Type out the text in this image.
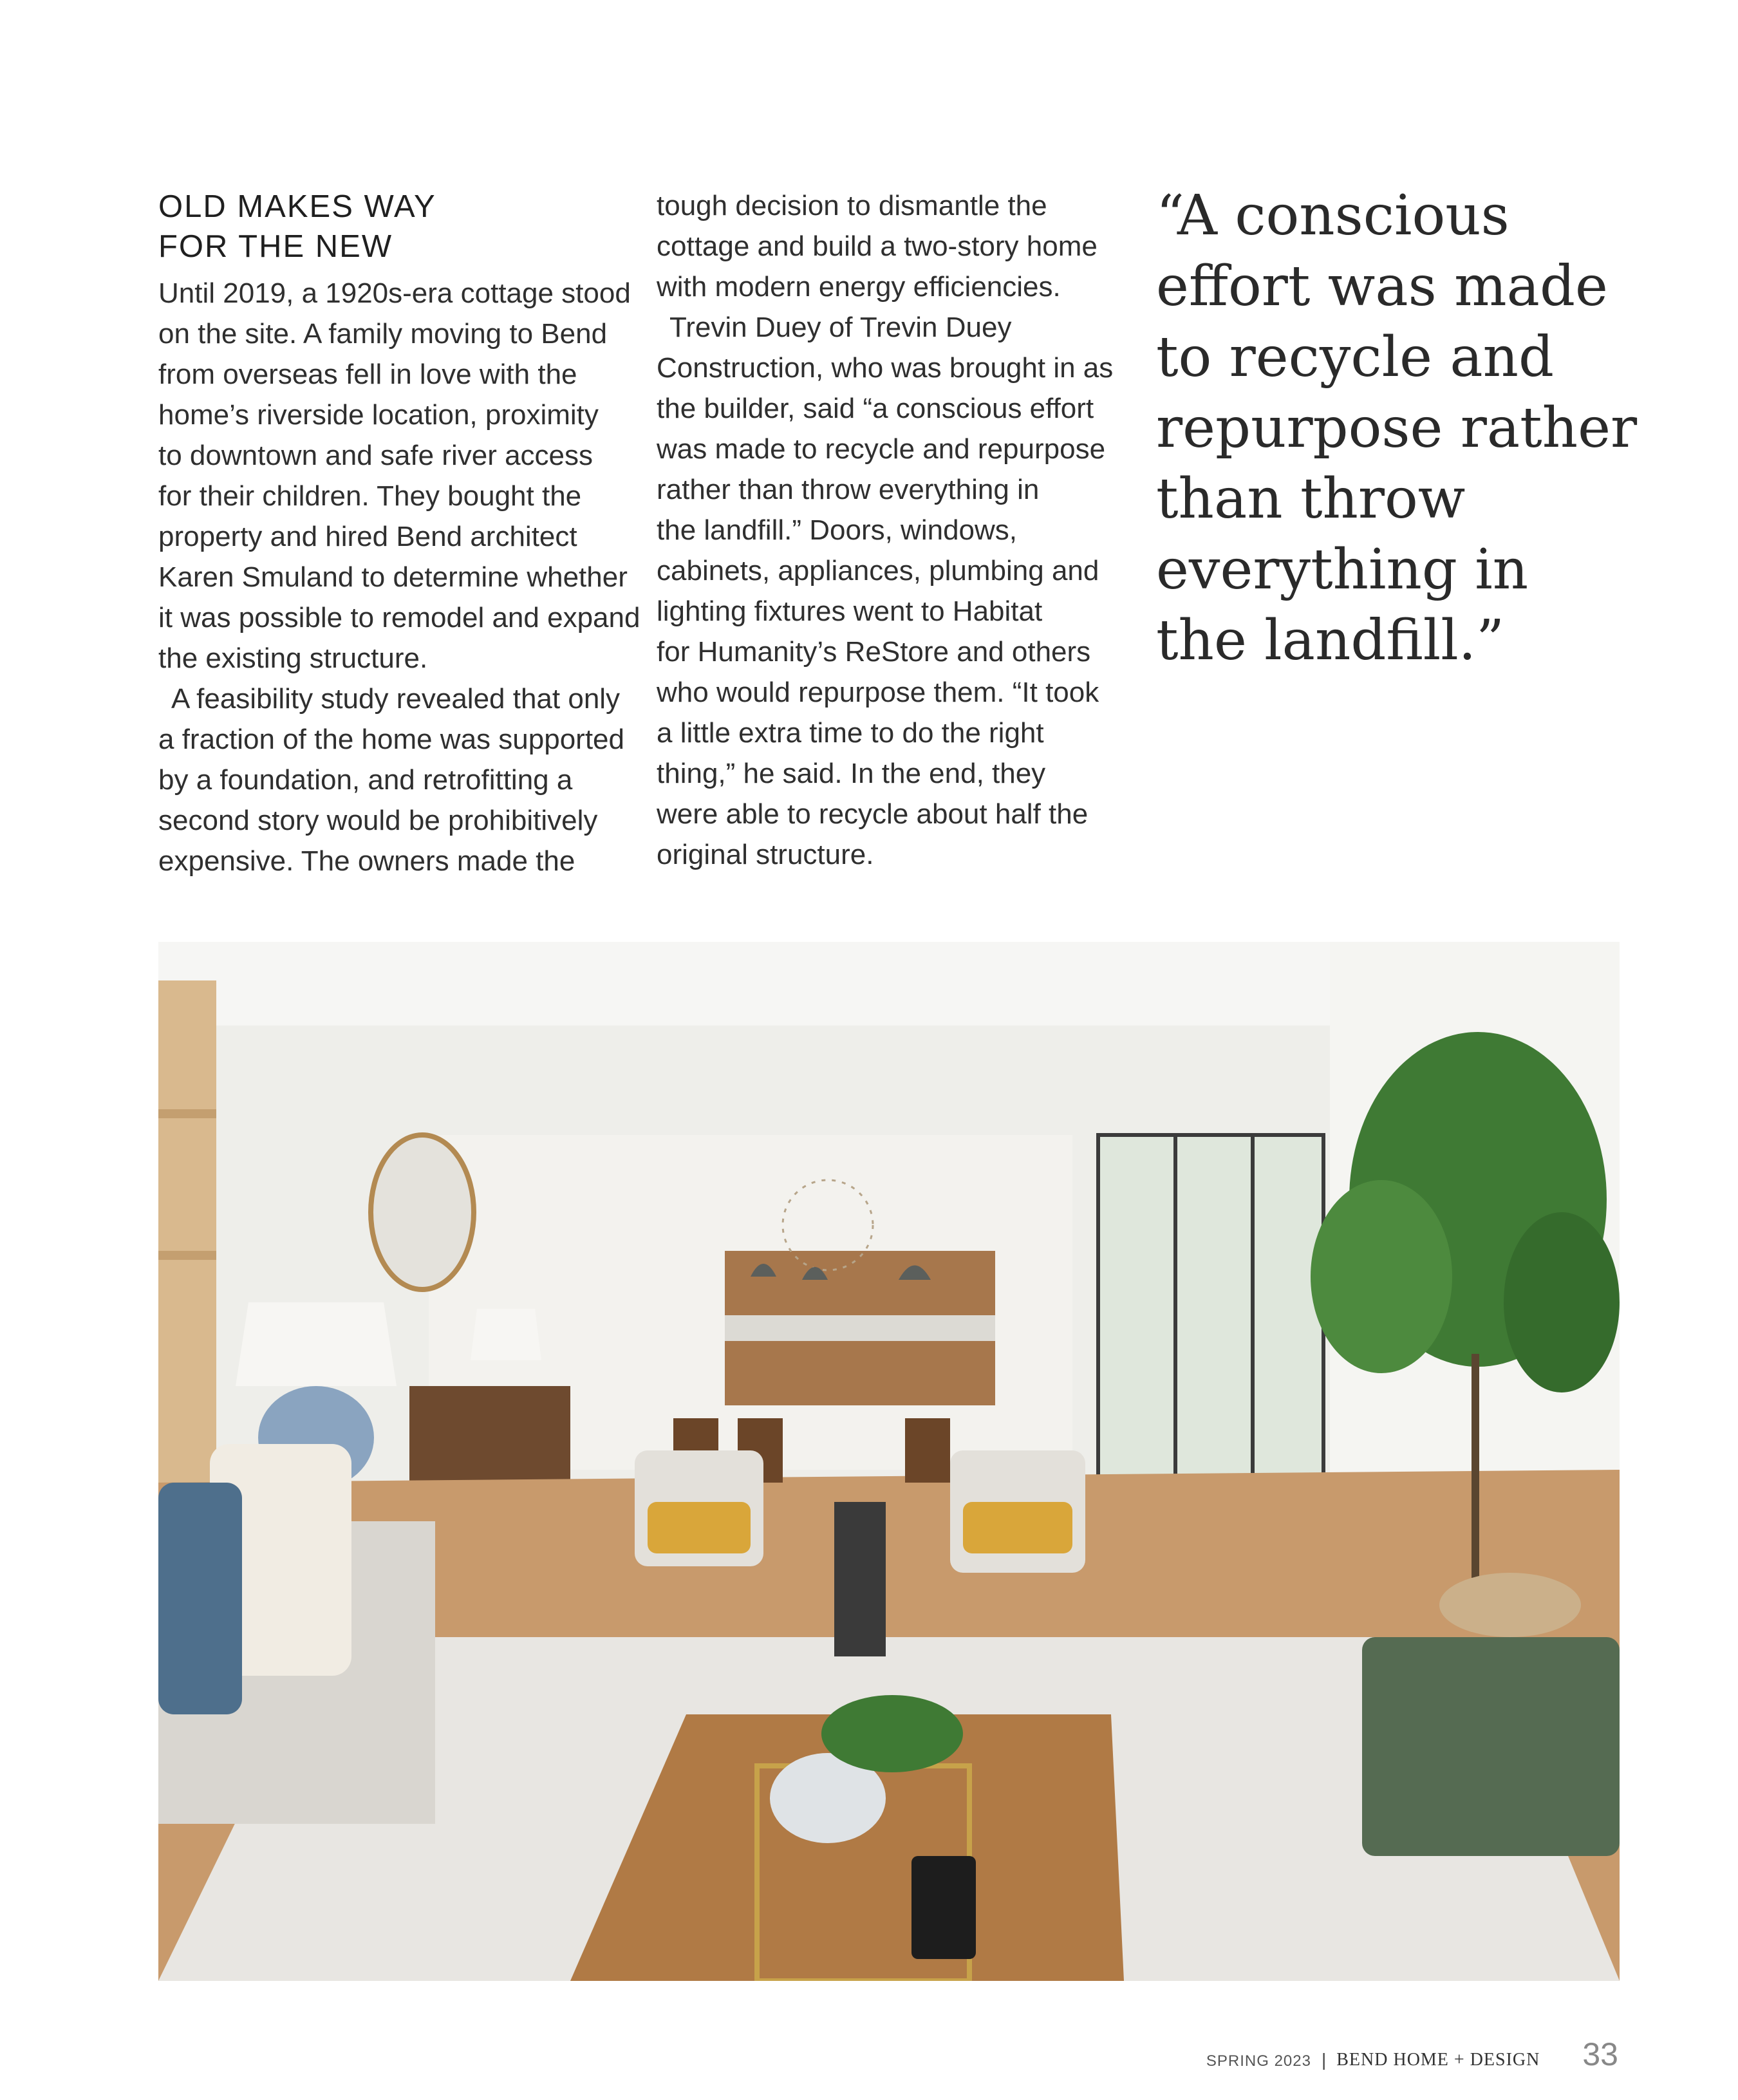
OLD MAKES WAY
FOR THE NEW
Until 2019, a 1920s-era cottage stood
on the site. A family moving to Bend
from overseas fell in love with the
home’s riverside location, proximity
to downtown and safe river access
for their children. They bought the
property and hired Bend architect
Karen Smuland to determine whether
it was possible to remodel and expand
the existing structure.
A feasibility study revealed that only
a fraction of the home was supported
by a foundation, and retrofitting a
second story would be prohibitively
expensive. The owners made the
tough decision to dismantle the
cottage and build a two-story home
with modern energy efficiencies.
Trevin Duey of Trevin Duey
Construction, who was brought in as
the builder, said “a conscious effort
was made to recycle and repurpose
rather than throw everything in
the landfill.” Doors, windows,
cabinets, appliances, plumbing and
lighting fixtures went to Habitat
for Humanity’s ReStore and others
who would repurpose them. “It took
a little extra time to do the right
thing,” he said. In the end, they
were able to recycle about half the
original structure.
“A conscious
effort was made
to recycle and
repurpose rather
than throw
everything in
the landfill.”
SPRING 2023 | BEND HOME + DESIGN 33
